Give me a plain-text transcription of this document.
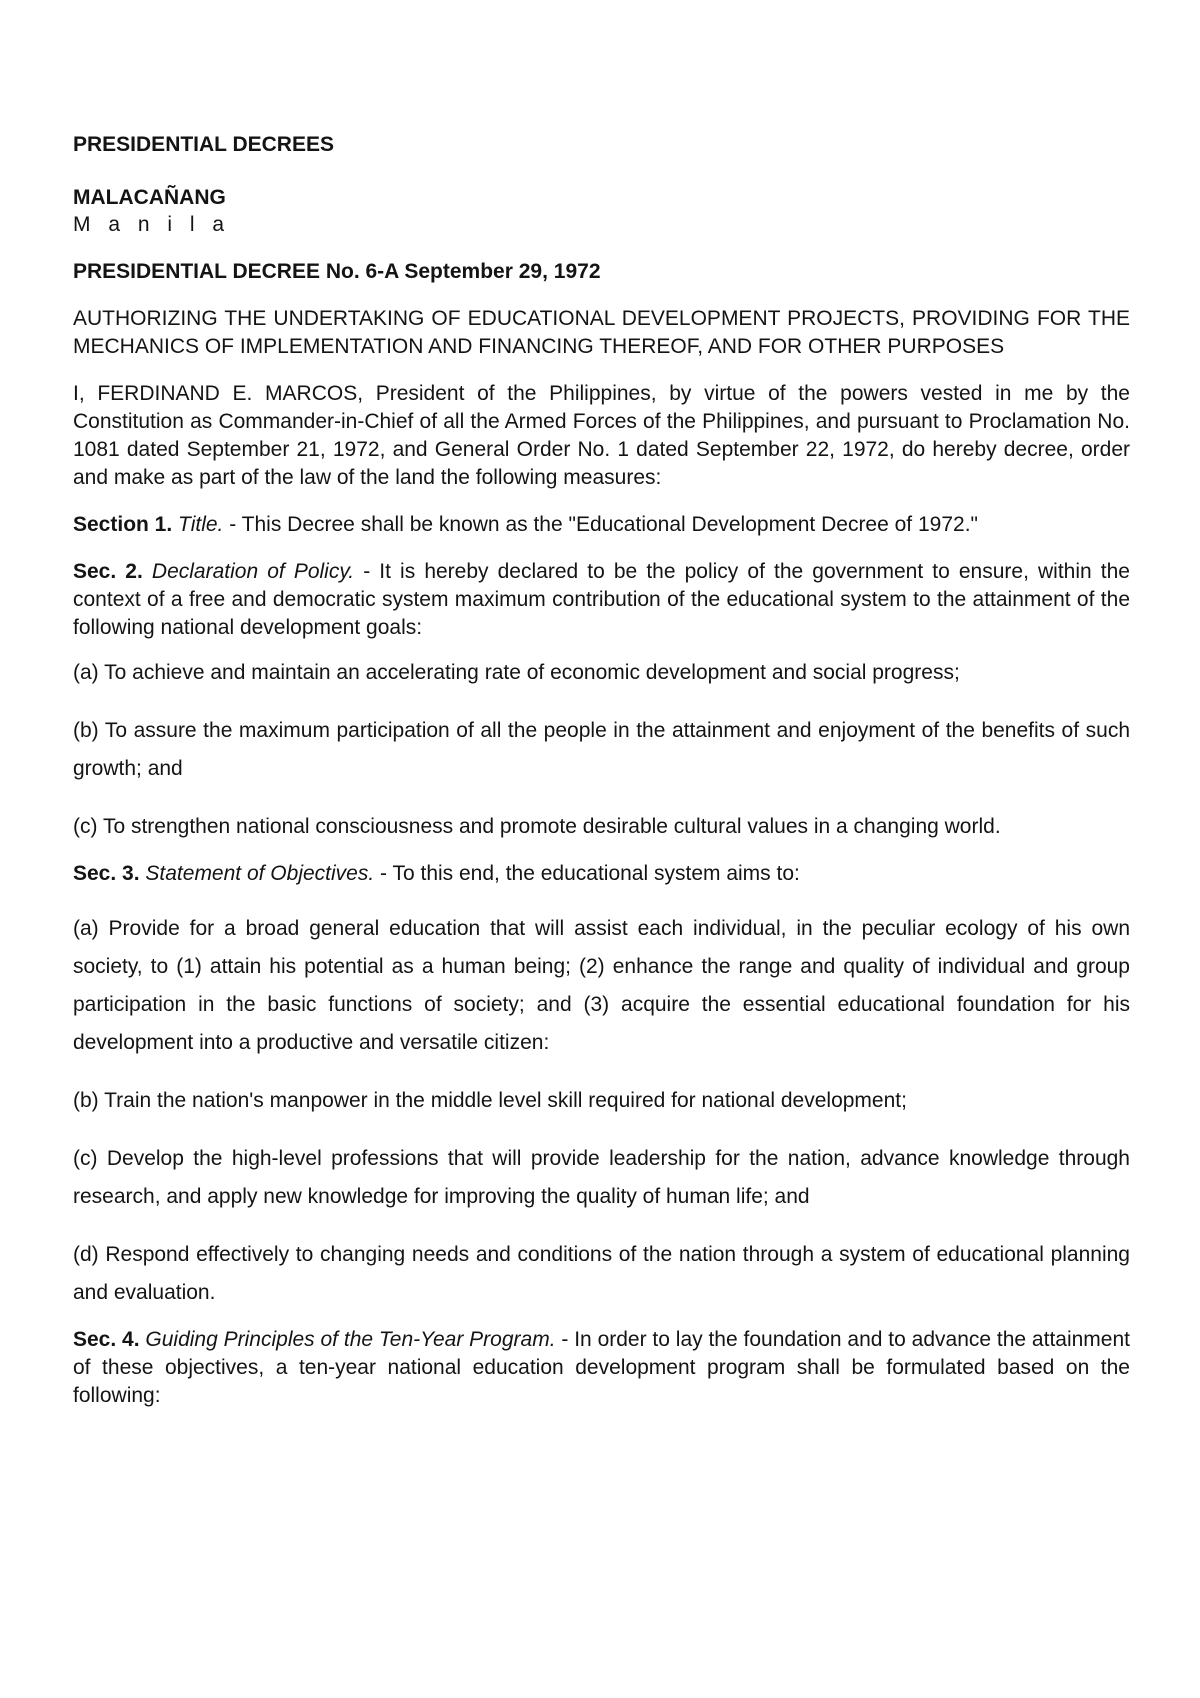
PRESIDENTIAL DECREES

MALACAÑANG

M a n i l a

PRESIDENTIAL DECREE No. 6-A September 29, 1972

AUTHORIZING THE UNDERTAKING OF EDUCATIONAL DEVELOPMENT PROJECTS, PROVIDING FOR THE MECHANICS OF IMPLEMENTATION AND FINANCING THEREOF, AND FOR OTHER PURPOSES

I, FERDINAND E. MARCOS, President of the Philippines, by virtue of the powers vested in me by the Constitution as Commander-in-Chief of all the Armed Forces of the Philippines, and pursuant to Proclamation No. 1081 dated September 21, 1972, and General Order No. 1 dated September 22, 1972, do hereby decree, order and make as part of the law of the land the following measures:

Section 1. Title. - This Decree shall be known as the "Educational Development Decree of 1972."

Sec. 2. Declaration of Policy. - It is hereby declared to be the policy of the government to ensure, within the context of a free and democratic system maximum contribution of the educational system to the attainment of the following national development goals:

(a) To achieve and maintain an accelerating rate of economic development and social progress;

(b) To assure the maximum participation of all the people in the attainment and enjoyment of the benefits of such growth; and

(c) To strengthen national consciousness and promote desirable cultural values in a changing world.

Sec. 3. Statement of Objectives. - To this end, the educational system aims to:

(a) Provide for a broad general education that will assist each individual, in the peculiar ecology of his own society, to (1) attain his potential as a human being; (2) enhance the range and quality of individual and group participation in the basic functions of society; and (3) acquire the essential educational foundation for his development into a productive and versatile citizen:

(b) Train the nation's manpower in the middle level skill required for national development;

(c) Develop the high-level professions that will provide leadership for the nation, advance knowledge through research, and apply new knowledge for improving the quality of human life; and

(d) Respond effectively to changing needs and conditions of the nation through a system of educational planning and evaluation.

Sec. 4. Guiding Principles of the Ten-Year Program. - In order to lay the foundation and to advance the attainment of these objectives, a ten-year national education development program shall be formulated based on the following:
